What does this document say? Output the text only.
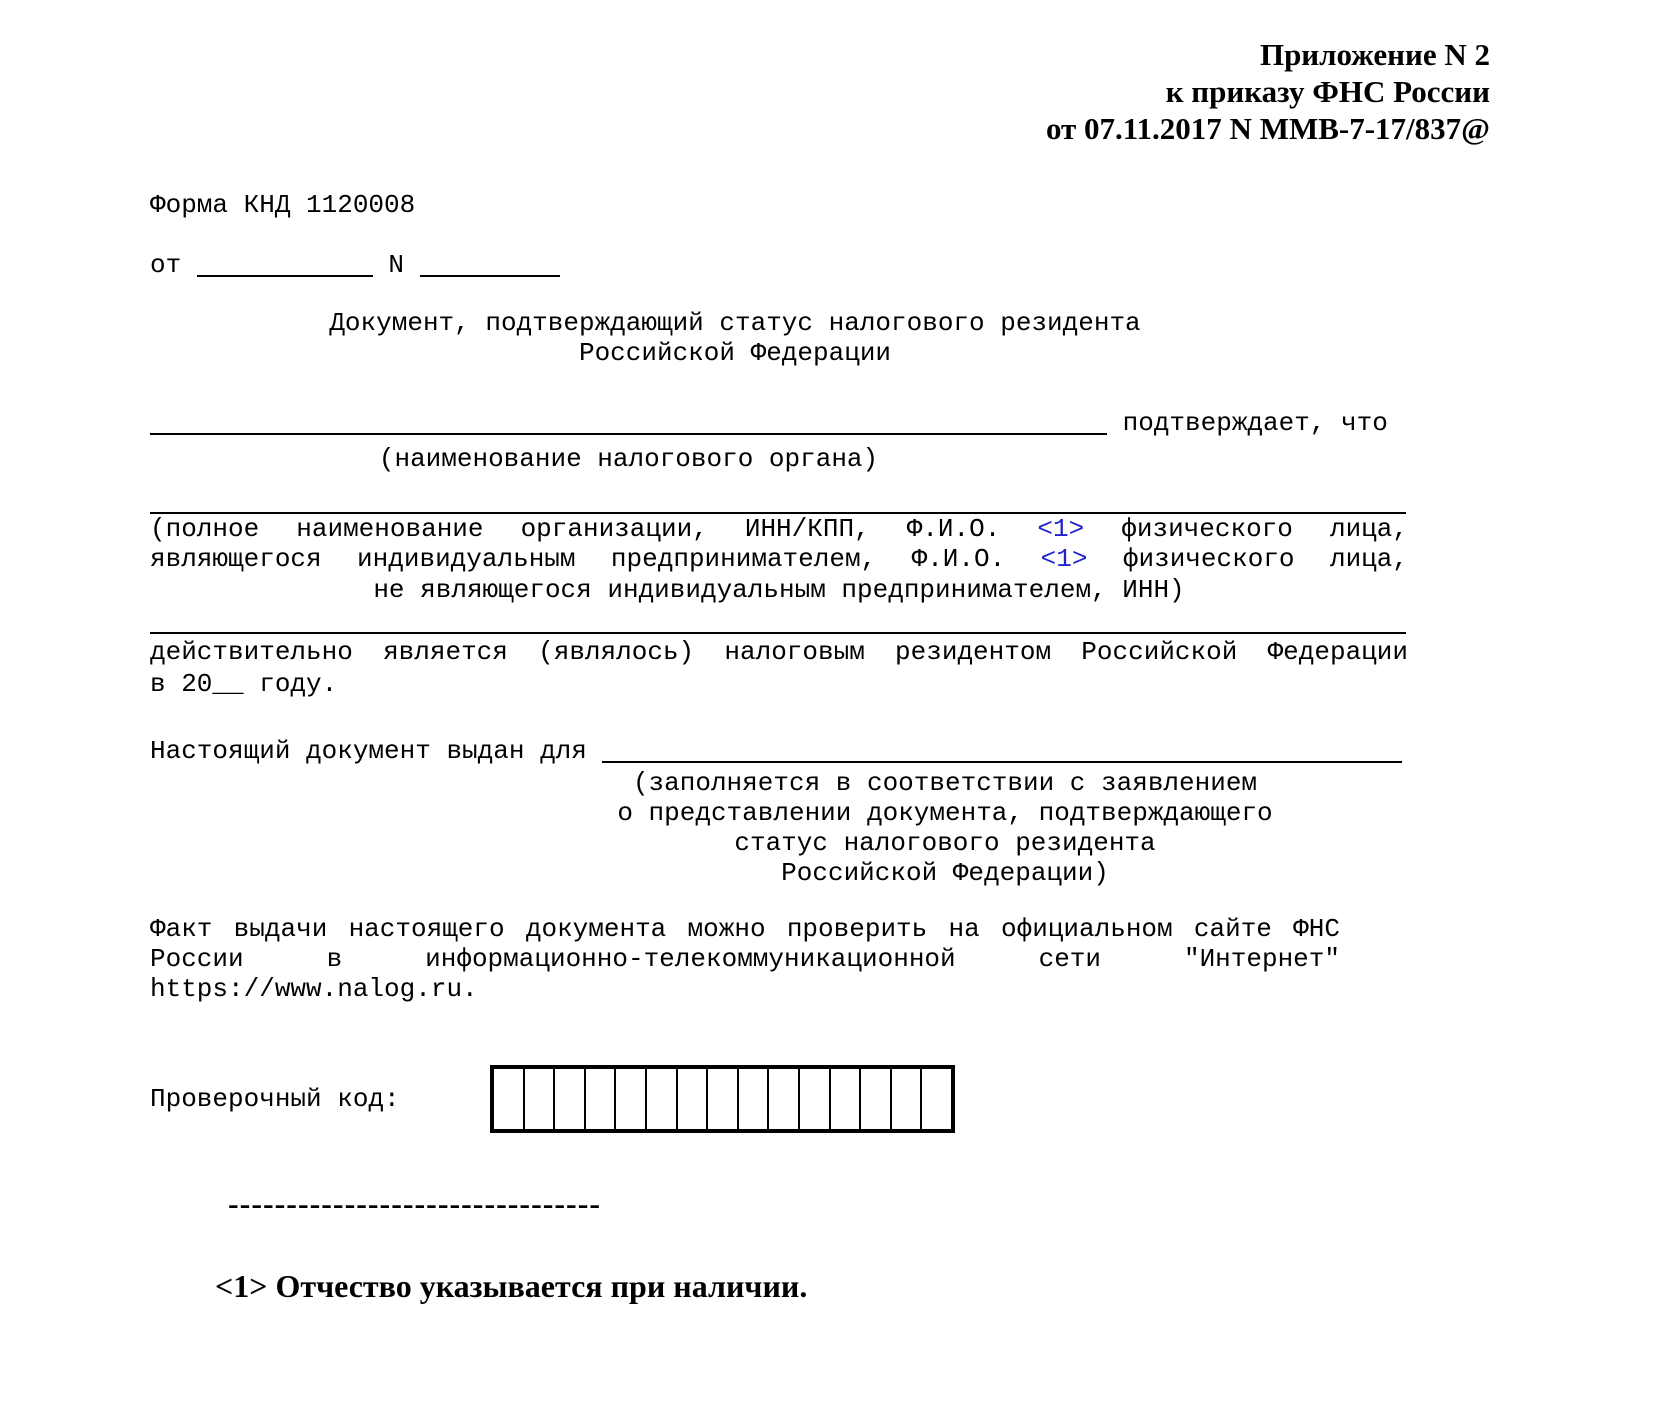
Приложение N 2
к приказу ФНС России
от 07.11.2017 N ММВ-7-17/837@
Форма КНД 1120008
от	N
Документ, подтверждающий статус налогового резидента
Российской Федерации
подтверждает, что
(наименование налогового органа)
(полное наименование организации, ИНН/КПП, Ф.И.О. <1> физического лица,
являющегося индивидуальным предпринимателем, Ф.И.О. <1> физического лица,
не являющегося индивидуальным предпринимателем, ИНН)
действительно является (являлось) налоговым резидентом Российской Федерации
в 20__ году.
Настоящий документ выдан для
(заполняется в соответствии с заявлением
о представлении документа, подтверждающего
статус налогового резидента
Российской Федерации)
Факт выдачи настоящего документа можно проверить на официальном сайте ФНС
России в информационно-телекоммуникационной сети "Интернет"
https://www.nalog.ru.
Проверочный код:
--------------------------------
<1> Отчество указывается при наличии.
